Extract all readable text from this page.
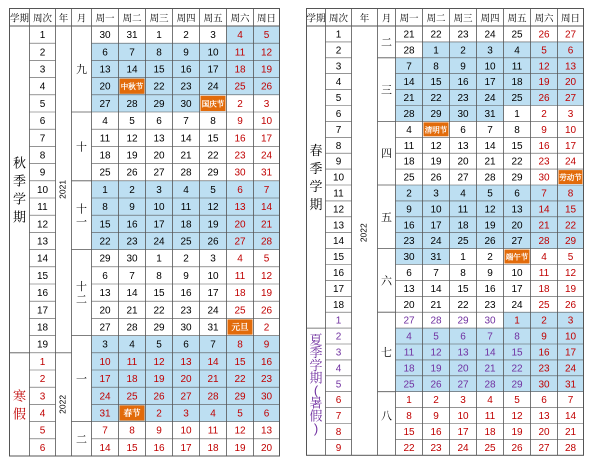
学期 周次 年 月 周一 周二 周三 周四 周五 周六 周日
秋
季
学
期
寒
假
2021
2022
九
十
十
一
十
二
一
二
1
2
3
4
5
6
7
8
9
10
11
12
13
14
15
16
17
18
19
1
2
3
4
5
6
30 31 1 2 3 4 5
6 7 8 9 10 11 12
13 14 15 16 17 18 19
20 中秋节 22 23 24 25 26
27 28 29 30 国庆节 2 3
4 5 6 7 8 9 10
11 12 13 14 15 16 17
18 19 20 21 22 23 24
25 26 27 28 29 30 31
1 2 3 4 5 6 7
8 9 10 11 12 13 14
15 16 17 18 19 20 21
22 23 24 25 26 27 28
29 30 1 2 3 4 5
6 7 8 9 10 11 12
13 14 15 16 17 18 19
20 21 22 23 24 25 26
27 28 29 30 31 元旦 2
3 4 5 6 7 8 9
10 11 12 13 14 15 16
17 18 19 20 21 22 23
24 25 26 27 28 29 30
31 春节 2 3 4 5 6
7 8 9 10 11 12 13
14 15 16 17 18 19 20
学期 周次 年 月 周一 周二 周三 周四 周五 周六 周日
春
季
学
期
夏
季
学
期
(
暑
假
)
2022
二
三
四
五
六
七
八
1
2
3
4
5
6
7
8
9
10
11
12
13
14
15
16
17
18
1
2
3
4
5
6
7
8
9
21 22 23 24 25 26 27
28 1 2 3 4 5 6
7 8 9 10 11 12 13
14 15 16 17 18 19 20
21 22 23 24 25 26 27
28 29 30 31 1 2 3
4 清明节 6 7 8 9 10
11 12 13 14 15 16 17
18 19 20 21 22 23 24
25 26 27 28 29 30 劳动节
2 3 4 5 6 7 8
9 10 11 12 13 14 15
16 17 18 19 20 21 22
23 24 25 26 27 28 29
30 31 1 2 端午节 4 5
6 7 8 9 10 11 12
13 14 15 16 17 18 19
20 21 22 23 24 25 26
27 28 29 30 1 2 3
4 5 6 7 8 9 10
11 12 13 14 15 16 17
18 19 20 21 22 23 24
25 26 27 28 29 30 31
1 2 3 4 5 6 7
8 9 10 11 12 13 14
15 16 17 18 19 20 21
22 23 24 25 26 27 28
